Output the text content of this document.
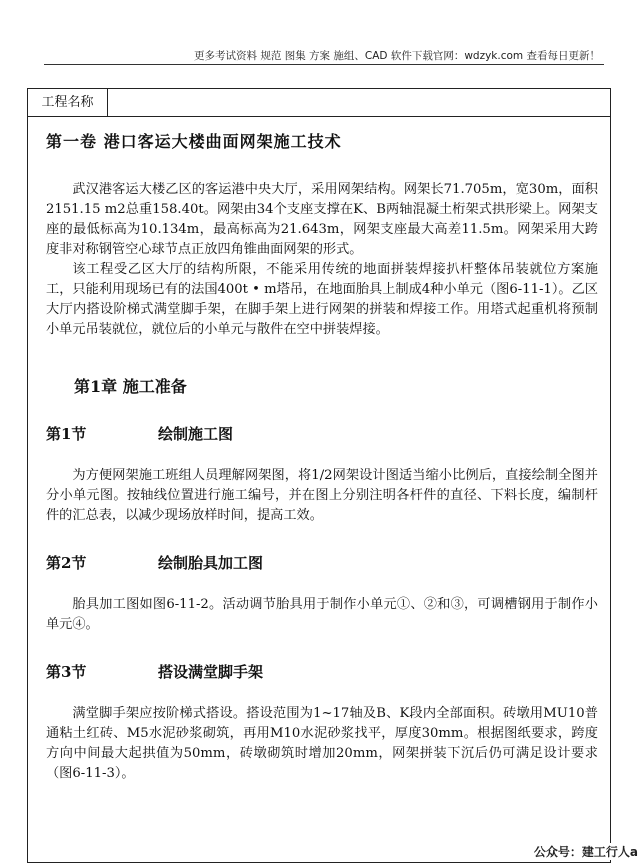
更多考试资料 规范 图集 方案 施组、CAD 软件下载官网：wdzyk.com 查看每日更新！
工程名称
第一卷 港口客运大楼曲面网架施工技术

武汉港客运大楼乙区的客运港中央大厅，采用网架结构。网架长71.705m，宽30m，面积2151.15 m2总重158.40t。网架由34个支座支撑在K、B两轴混凝土桁架式拱形梁上。网架支座的最低标高为10.134m，最高标高为21.643m，网架支座最大高差11.5m。网架采用大跨度非对称钢管空心球节点正放四角锥曲面网架的形式。

该工程受乙区大厅的结构所限，不能采用传统的地面拼装焊接扒杆整体吊装就位方案施工，只能利用现场已有的法国400t • m塔吊，在地面胎具上制成4种小单元（图6-11-1）。乙区大厅内搭设阶梯式满堂脚手架，在脚手架上进行网架的拼装和焊接工作。用塔式起重机将预制小单元吊装就位，就位后的小单元与散件在空中拼装焊接。

第1章 施工准备
第1节	绘制施工图

为方便网架施工班组人员理解网架图，将1/2网架设计图适当缩小比例后，直接绘制全图并分小单元图。按轴线位置进行施工编号，并在图上分别注明各杆件的直径、下料长度，编制杆件的汇总表，以减少现场放样时间，提高工效。

第2节	绘制胎具加工图

胎具加工图如图6-11-2。活动调节胎具用于制作小单元①、②和③，可调槽钢用于制作小单元④。

第3节	搭设满堂脚手架

满堂脚手架应按阶梯式搭设。搭设范围为1~17轴及B、K段内全部面积。砖墩用MU10普通粘土红砖、M5水泥砂浆砌筑，再用M10水泥砂浆找平，厚度30mm。根据图纸要求，跨度方向中间最大起拱值为50mm，砖墩砌筑时增加20mm，网架拼装下沉后仍可满足设计要求（图6-11-3）。

公众号：建工行人a
